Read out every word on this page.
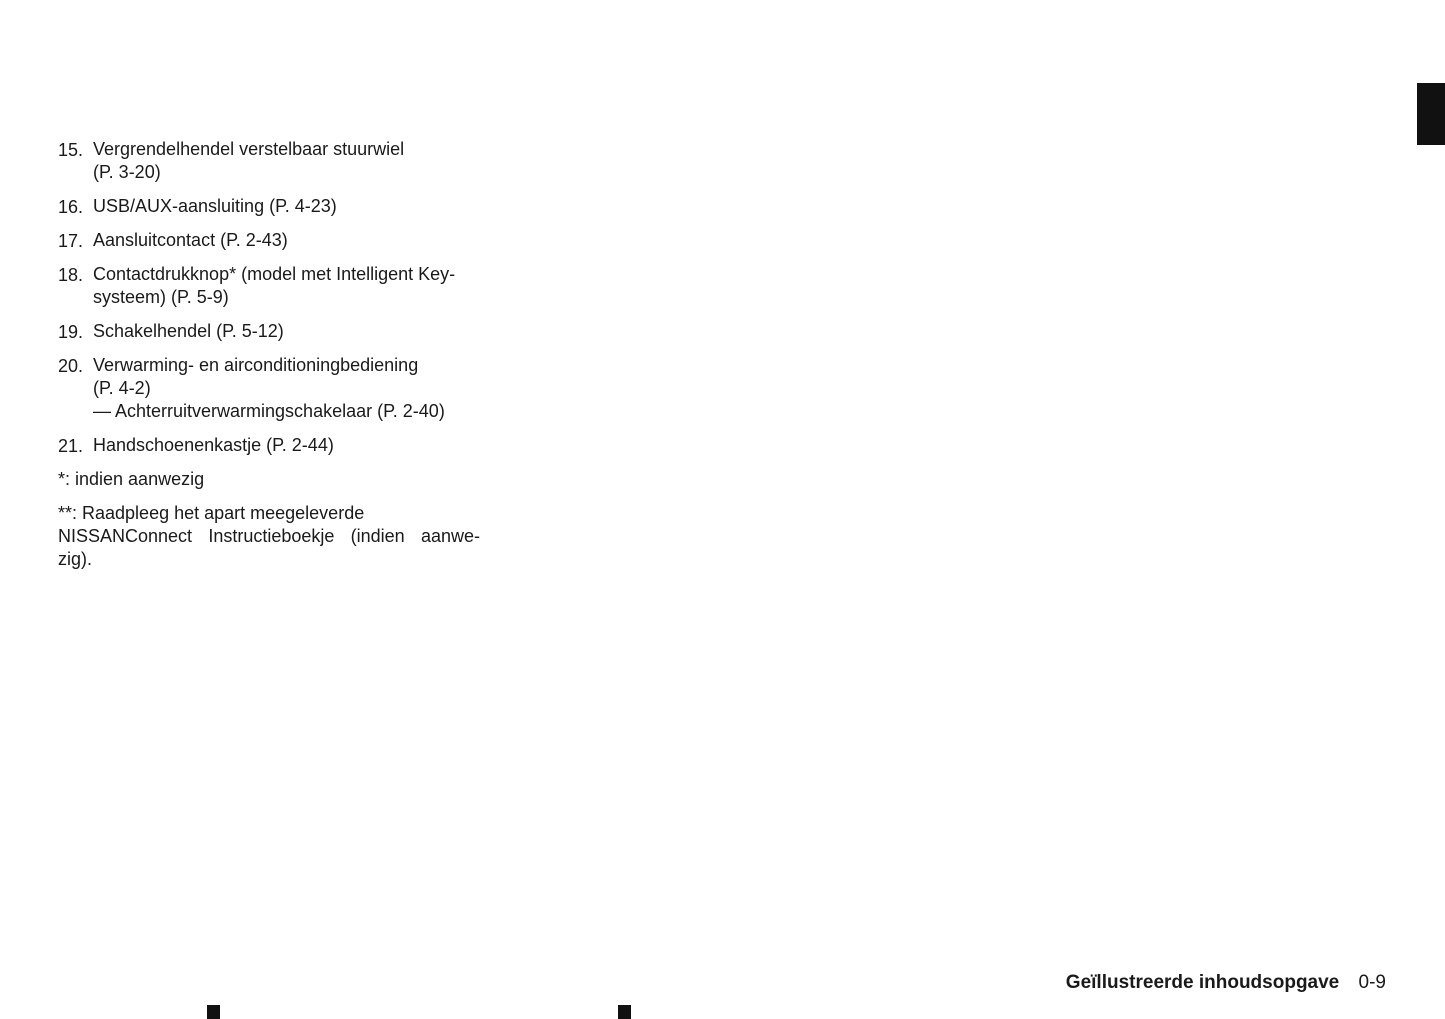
15. Vergrendelhendel verstelbaar stuurwiel
(P. 3-20)
16. USB/AUX-aansluiting (P. 4-23)
17. Aansluitcontact (P. 2-43)
18. Contactdrukknop* (model met Intelligent Key-
systeem) (P. 5-9)
19. Schakelhendel (P. 5-12)
20. Verwarming- en airconditioningbediening
(P. 4-2)
— Achterruitverwarmingschakelaar (P. 2-40)
21. Handschoenenkastje (P. 2-44)
*: indien aanwezig
**: Raadpleeg het apart meegeleverde
NISSANConnect Instructieboekje (indien aanwe-
zig).
Geïllustreerde inhoudsopgave 0-9
